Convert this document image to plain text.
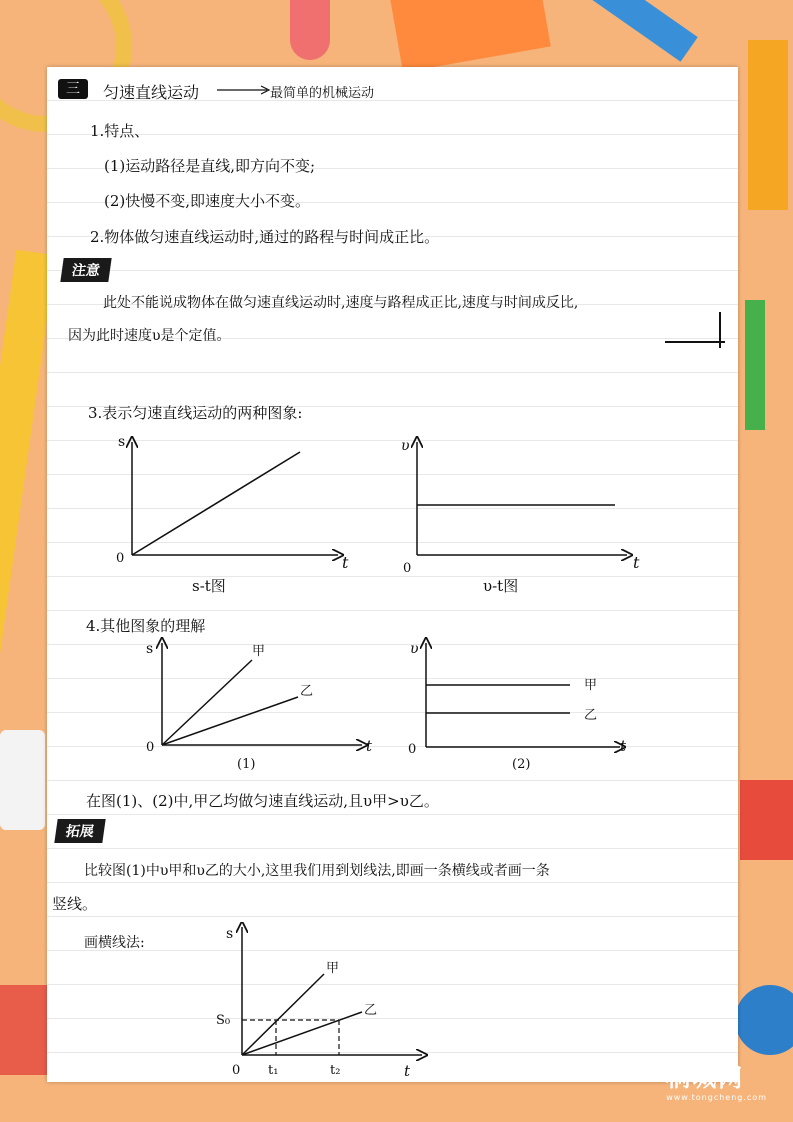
三	匀速直线运动	最简单的机械运动
1.特点、
(1)运动路径是直线,即方向不变;
(2)快慢不变,即速度大小不变。
2.物体做匀速直线运动时,通过的路程与时间成正比。
注意
此处不能说成物体在做匀速直线运动时,速度与路程成正比,速度与时间成反比,
因为此时速度υ是个定值。
3.表示匀速直线运动的两种图象:
s
0	t
s-t图
υ
0	t
υ-t图
4.其他图象的理解
s
0	t
甲
乙
(1)
υ
0	t
甲
乙
(2)
在图(1)、(2)中,甲乙均做匀速直线运动,且υ甲>υ乙。
拓展
比较图(1)中υ甲和υ乙的大小,这里我们用到划线法,即画一条横线或者画一条
竖线。
画横线法:
s
S₀
0 t₁	t₂	t
甲
乙
桐城网
www.tongcheng.com
